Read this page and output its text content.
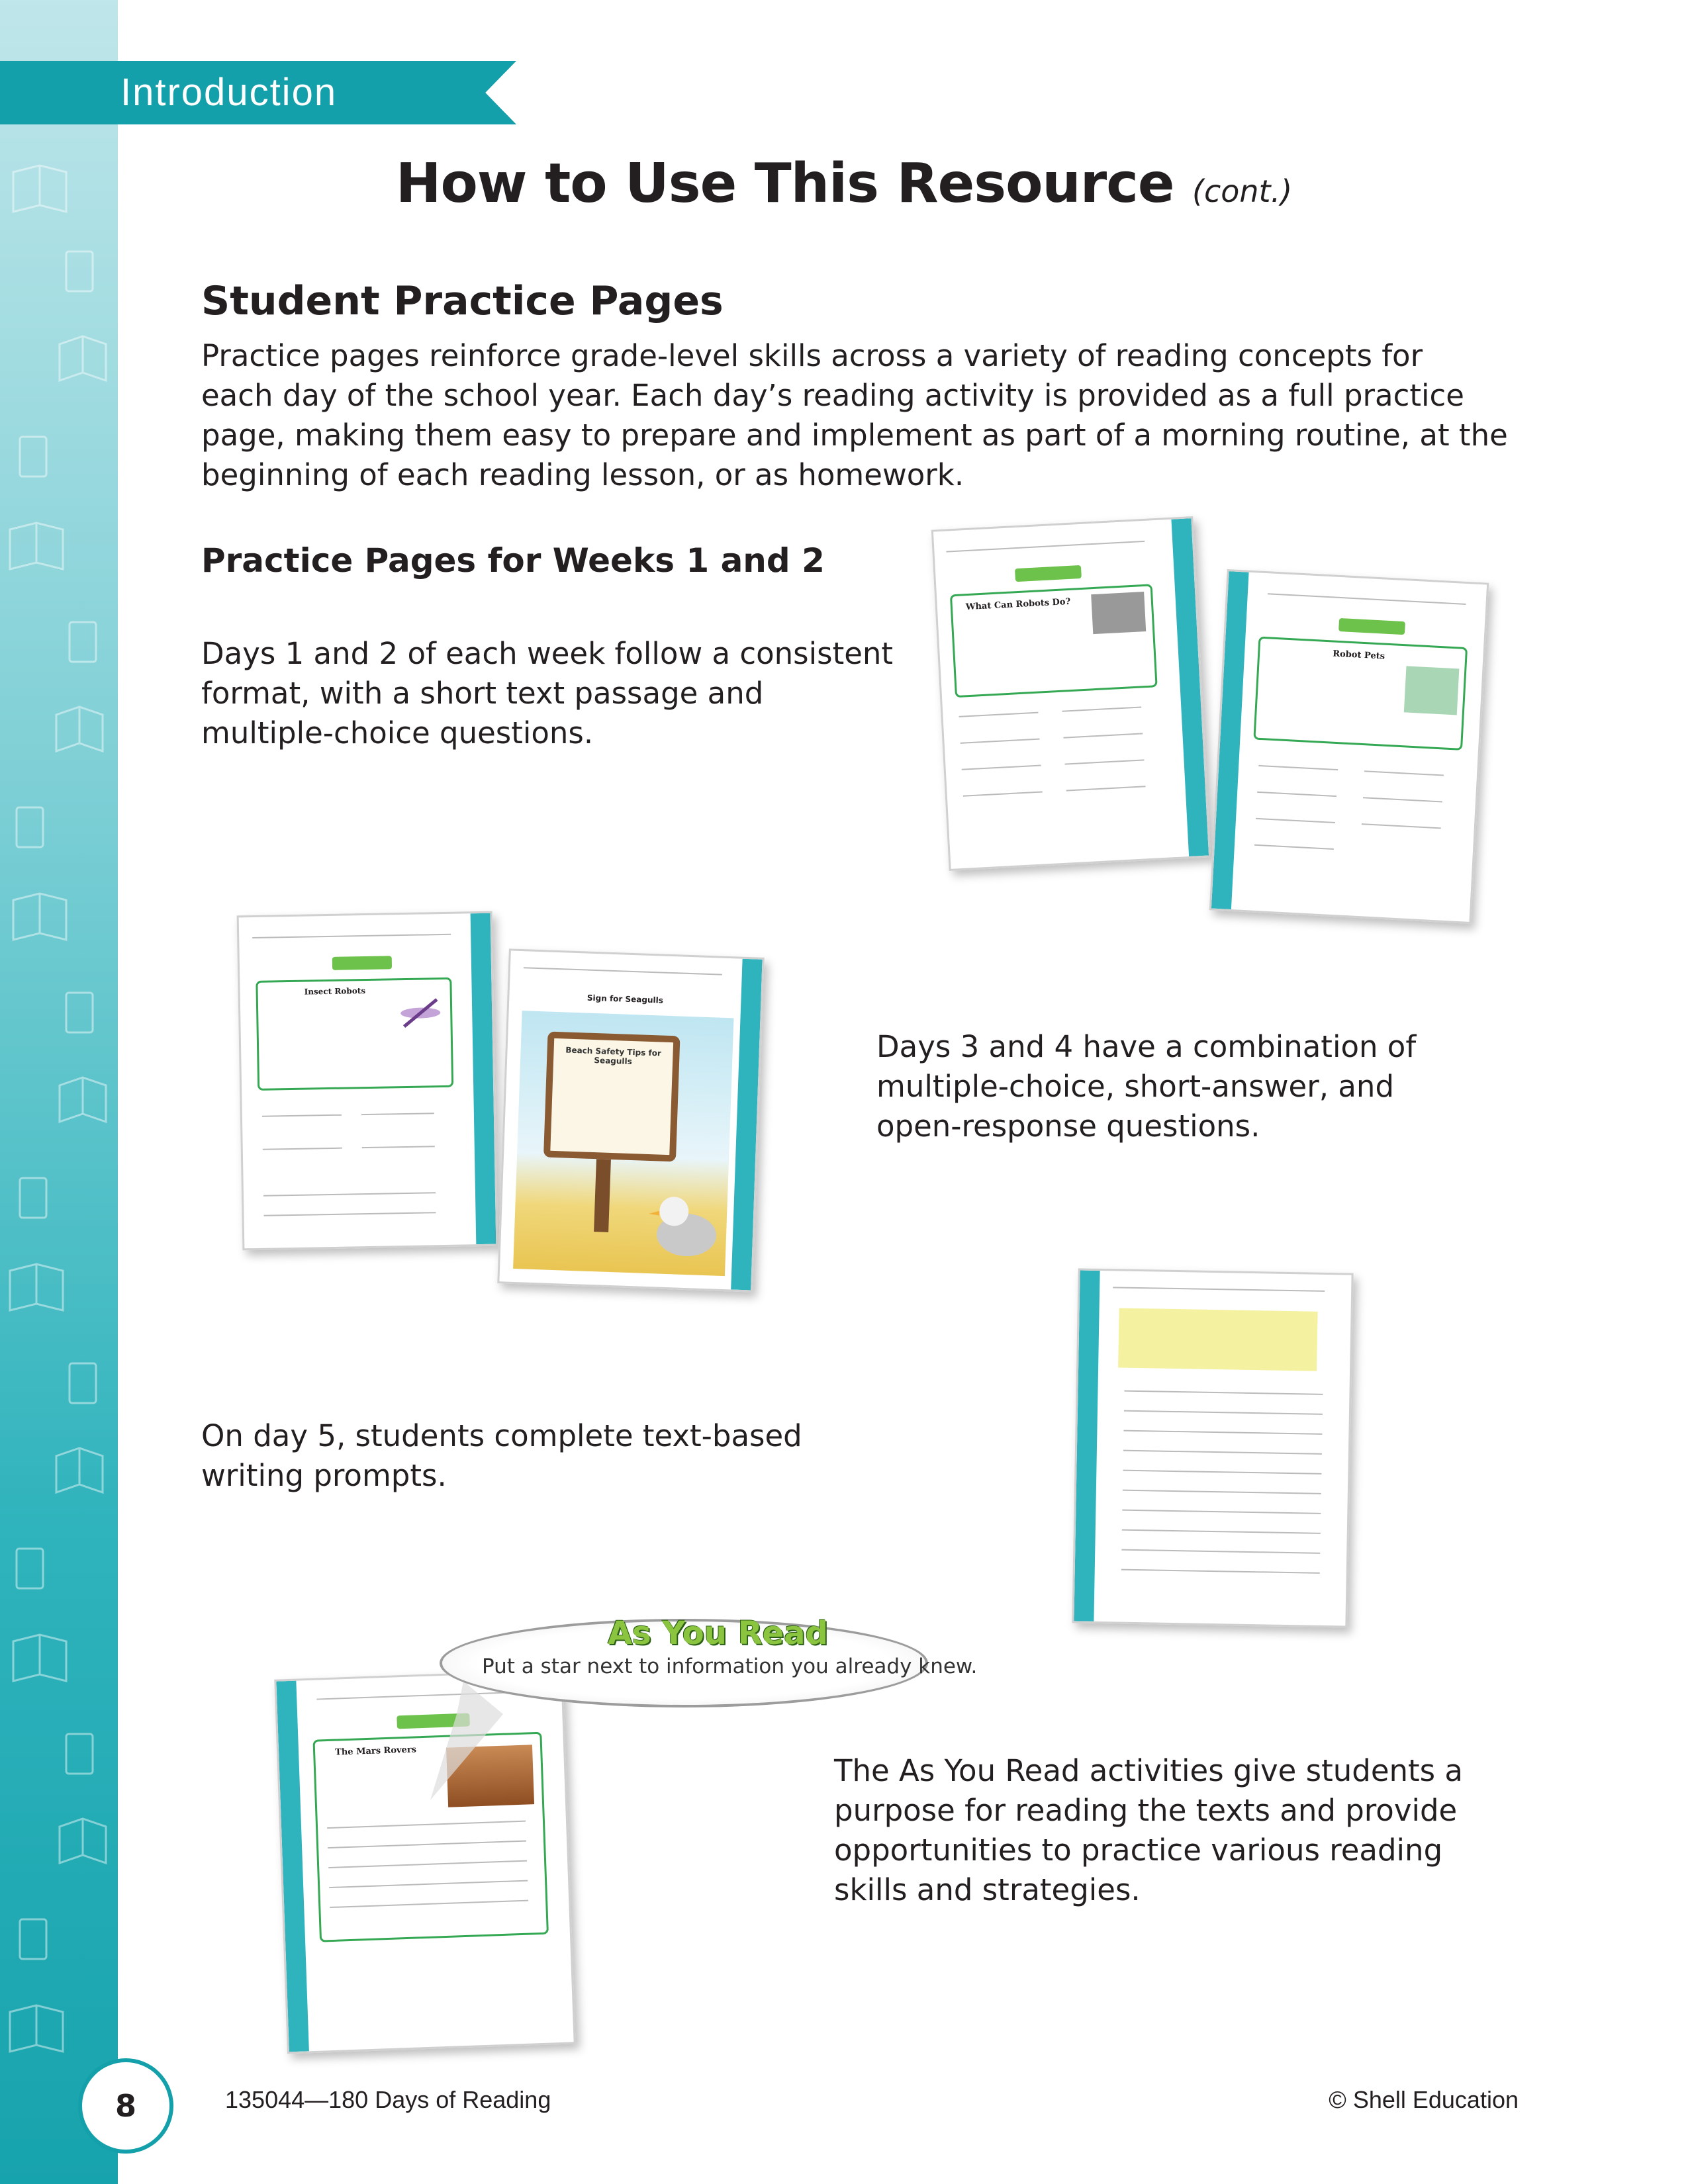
Introduction
How to Use This Resource (cont.)
Student Practice Pages
Practice pages reinforce grade-level skills across a variety of reading concepts for
each day of the school year. Each day’s reading activity is provided as a full practice
page, making them easy to prepare and implement as part of a morning routine, at the
beginning of each reading lesson, or as homework.
Practice Pages for Weeks 1 and 2
Days 1 and 2 of each week follow a consistent
format, with a short text passage and
multiple-choice questions.
Days 3 and 4 have a combination of
multiple-choice, short-answer, and
open-response questions.
On day 5, students complete text-based
writing prompts.
The As You Read activities give students a
purpose for reading the texts and provide
opportunities to practice various reading
skills and strategies.
What Can Robots Do?
Robot Pets
Insect Robots
Sign for Seagulls
Beach Safety Tips for Seagulls
The Mars Rovers
As You Read
Put a star next to information you already knew.
8	135044—180 Days of Reading	© Shell Education
